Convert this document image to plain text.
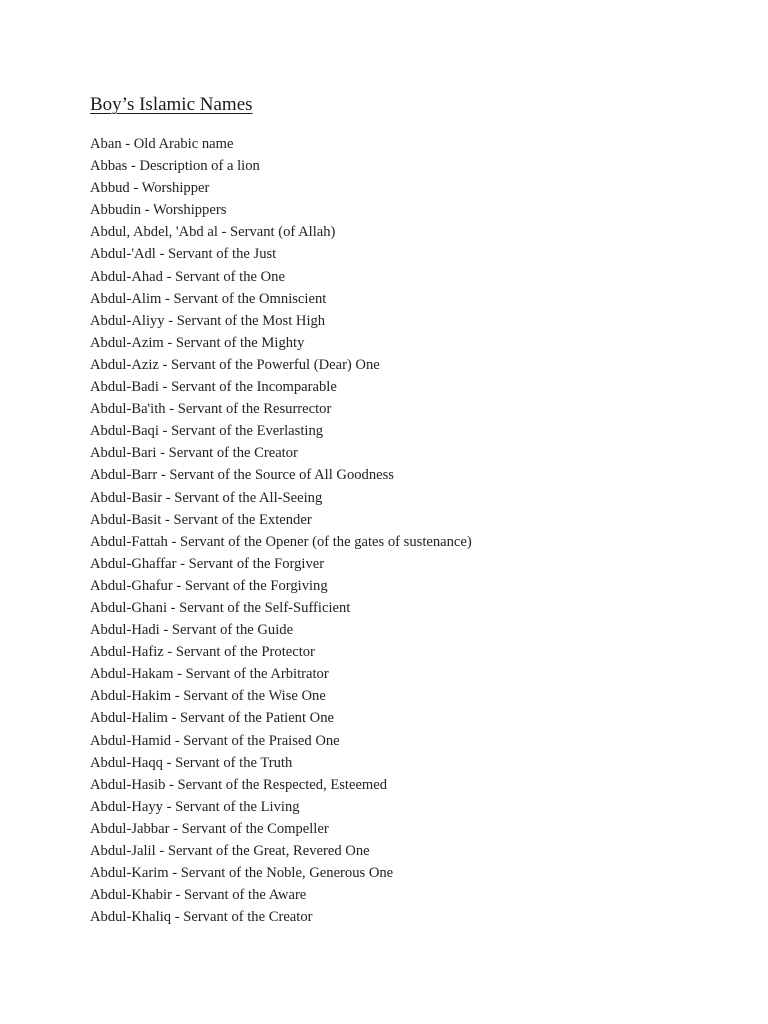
Boy’s Islamic Names
Aban - Old Arabic name
Abbas - Description of a lion
Abbud - Worshipper
Abbudin - Worshippers
Abdul, Abdel, 'Abd al - Servant (of Allah)
Abdul-'Adl - Servant of the Just
Abdul-Ahad - Servant of the One
Abdul-Alim - Servant of the Omniscient
Abdul-Aliyy - Servant of the Most High
Abdul-Azim - Servant of the Mighty
Abdul-Aziz - Servant of the Powerful (Dear) One
Abdul-Badi - Servant of the Incomparable
Abdul-Ba'ith - Servant of the Resurrector
Abdul-Baqi - Servant of the Everlasting
Abdul-Bari - Servant of the Creator
Abdul-Barr - Servant of the Source of All Goodness
Abdul-Basir - Servant of the All-Seeing
Abdul-Basit - Servant of the Extender
Abdul-Fattah - Servant of the Opener (of the gates of sustenance)
Abdul-Ghaffar - Servant of the Forgiver
Abdul-Ghafur - Servant of the Forgiving
Abdul-Ghani - Servant of the Self-Sufficient
Abdul-Hadi - Servant of the Guide
Abdul-Hafiz - Servant of the Protector
Abdul-Hakam - Servant of the Arbitrator
Abdul-Hakim - Servant of the Wise One
Abdul-Halim - Servant of the Patient One
Abdul-Hamid - Servant of the Praised One
Abdul-Haqq - Servant of the Truth
Abdul-Hasib - Servant of the Respected, Esteemed
Abdul-Hayy - Servant of the Living
Abdul-Jabbar - Servant of the Compeller
Abdul-Jalil - Servant of the Great, Revered One
Abdul-Karim - Servant of the Noble, Generous One
Abdul-Khabir - Servant of the Aware
Abdul-Khaliq - Servant of the Creator
